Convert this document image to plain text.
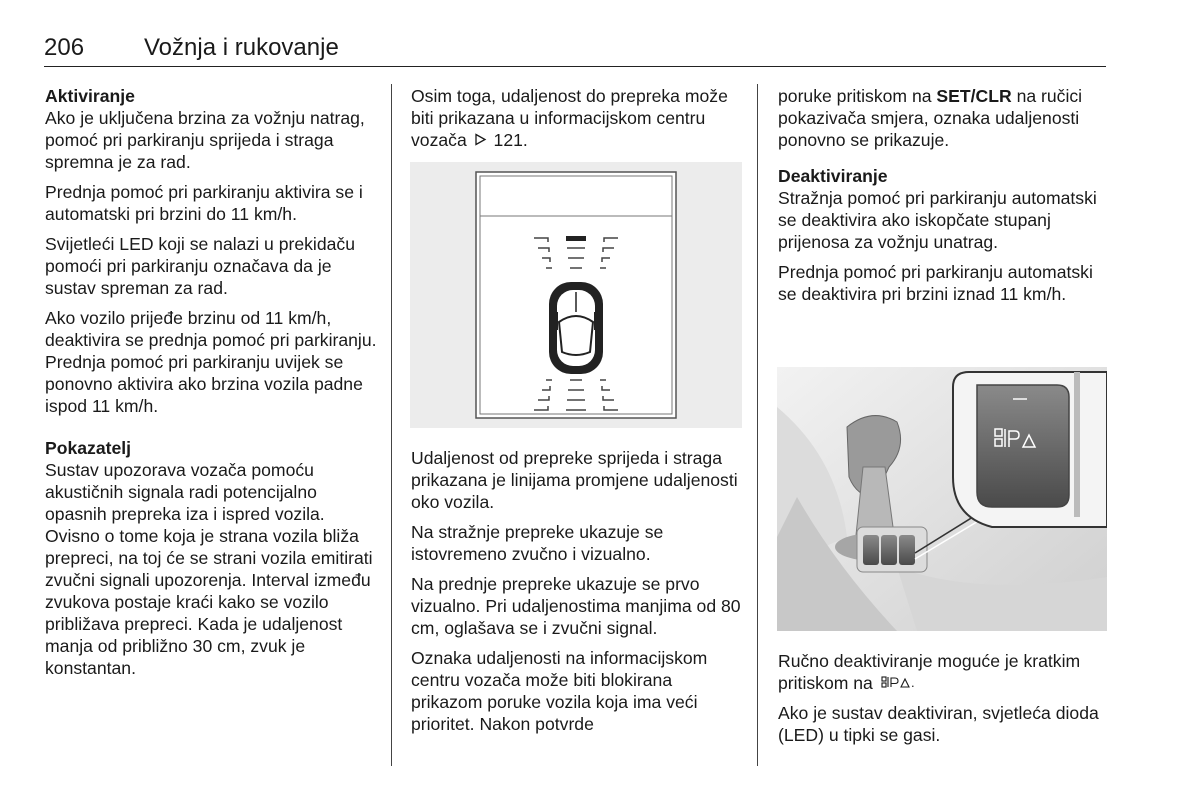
206 Vožnja i rukovanje
Aktiviranje

Ako je uključena brzina za vožnju natrag, pomoć pri parkiranju sprijeda i straga spremna je za rad.

Prednja pomoć pri parkiranju aktivira se i automatski pri brzini do 11 km/h.

Svijetleći LED koji se nalazi u prekidaču pomoći pri parkiranju označava da je sustav spreman za rad.

Ako vozilo prijeđe brzinu od 11 km/h, deaktivira se prednja pomoć pri parkiranju. Prednja pomoć pri parkiranju uvijek se ponovno aktivira ako brzina vozila padne ispod 11 km/h.

Pokazatelj

Sustav upozorava vozača pomoću akustičnih signala radi potencijalno opasnih prepreka iza i ispred vozila. Ovisno o tome koja je strana vozila bliža prepreci, na toj će se strani vozila emitirati zvučni signali upozorenja. Interval između zvukova postaje kraći kako se vozilo približava prepreci. Kada je udaljenost manja od približno 30 cm, zvuk je konstantan.

Osim toga, udaljenost do prepreka može biti prikazana u informacijskom centru vozača 121.

Udaljenost od prepreke sprijeda i straga prikazana je linijama promjene udaljenosti oko vozila.

Na stražnje prepreke ukazuje se istovremeno zvučno i vizualno.

Na prednje prepreke ukazuje se prvo vizualno. Pri udaljenostima manjima od 80 cm, oglašava se i zvučni signal.

Oznaka udaljenosti na informacijskom centru vozača može biti blokirana prikazom poruke vozila koja ima veći prioritet. Nakon potvrde

poruke pritiskom na SET/CLR na ručici pokazivača smjera, oznaka udaljenosti ponovno se prikazuje.

Deaktiviranje

Stražnja pomoć pri parkiranju automatski se deaktivira ako iskopčate stupanj prijenosa za vožnju unatrag.

Prednja pomoć pri parkiranju automatski se deaktivira pri brzini iznad 11 km/h.

Ručno deaktiviranje moguće je kratkim pritiskom na	.

Ako je sustav deaktiviran, svjetleća dioda (LED) u tipki se gasi.
